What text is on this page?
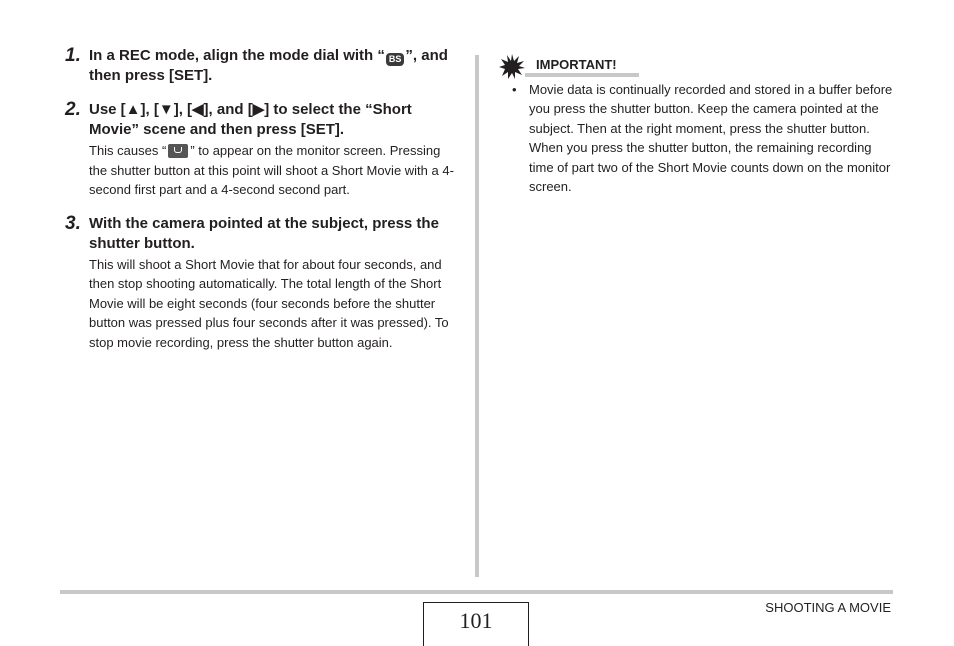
1. In a REC mode, align the mode dial with “ BS ”, and then press [SET].
2. Use [▲], [▼], [◀], and [▶] to select the “Short Movie” scene and then press [SET].
This causes “ ” to appear on the monitor screen. Pressing the shutter button at this point will shoot a Short Movie with a 4-second first part and a 4-second second part.
3. With the camera pointed at the subject, press the shutter button.
This will shoot a Short Movie that for about four seconds, and then stop shooting automatically. The total length of the Short Movie will be eight seconds (four seconds before the shutter button was pressed plus four seconds after it was pressed). To stop movie recording, press the shutter button again.
IMPORTANT!
• Movie data is continually recorded and stored in a buffer before you press the shutter button. Keep the camera pointed at the subject. Then at the right moment, press the shutter button. When you press the shutter button, the remaining recording time of part two of the Short Movie counts down on the monitor screen.
101
SHOOTING A MOVIE
